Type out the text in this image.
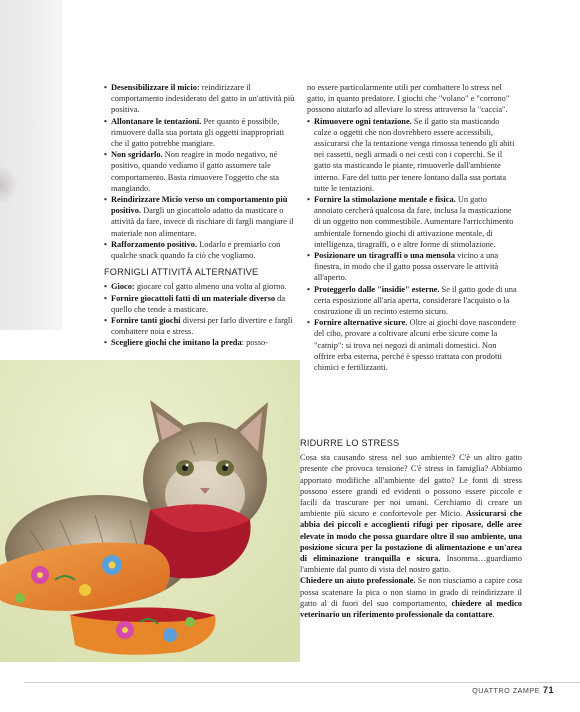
• Desensibilizzare il micio: reindirizzare il comportamento indesiderato del gatto in un'attività più positiva.
• Allontanare le tentazioni. Per quanto è possibile, rimuovere dalla sua portata gli oggetti inappropriati che il gatto potrebbe mangiare.
• Non sgridarlo. Non reagire in modo negativo, né positivo, quando vediamo il gatto assumere tale comportamento. Basta rimuovere l'oggetto che sta mangiando.
• Reindirizzare Micio verso un comportamento più positivo. Dargli un giocattolo adatto da masticare o attività da fare, invece di rischiare di fargli mangiare il materiale non alimentare.
• Rafforzamento positivo. Lodarlo e premiarlo con qualche snack quando fa ciò che vogliamo.
FORNIGLI ATTIVITÀ ALTERNATIVE
• Gioco: giocare col gatto almeno una volta al giorno.
• Fornire giocattoli fatti di un materiale diverso da quello che tende a masticare.
• Fornire tanti giochi diversi per farlo divertire e farglì combattere noia e stress.
• Scegliere giochi che imitano la preda: posso-
no essere particolarmente utili per combattere lo stress nel gatto, in quanto predatore. I giochi che "volano" e "corrono" possono aiutarlo ad alleviare lo stress attraverso la "caccia".
• Rimuovere ogni tentazione. Se il gatto sta masticando calze o oggetti che non dovrebbero essere accessibili, assicurarsi che la tentazione venga rimossa tenendo gli abiti nei cassetti, negli armadi o nei cesti con i coperchi. Se il gatto sta masticando le piante, rimuoverle dall'ambiente interno. Fare del tutto per tenere lontano dalla sua portata tutte le tentazioni.
• Fornire la stimolazione mentale e fisica. Un gatto annoiato cercherà qualcosa da fare, inclusa la masticazione di un oggetto non commestibile. Aumentare l'arricchimento ambientale fornendo giochi di attivazione mentale, di intelligenza, tiragraffi, o e altre forme di stimolazione.
• Posizionare un tiragraffi o una mensola vicino a una finestra, in modo che il gatto possa osservare le attività all'aperto.
• Proteggerlo dalle "insidie" esterne. Se il gatto gode di una certa esposizione all'aria aperta, considerare l'acquisto o la costruzione di un recinto esterno sicuro.
• Fornire alternative sicure. Oltre ai giochi dove nascondere del cibo, provare a coltivare alcuni erbe sicure come la "catnip": si trova nei negozi di animali domestici. Non offrire erba esterna, perché è spesso trattata con prodotti chimici e fertilizzanti.
RIDURRE LO STRESS

Cosa sta causando stress nel suo ambiente? C'è un altro gatto presente che provoca tensione? C'è stress in famiglia? Abbiamo apportato modifiche all'ambiente del gatto? Le fonti di stress possono essere grandi ed evidenti o possono essere piccole e facili da trascurare per noi umani. Cerchiamo di creare un ambiente più sicuro e confortevole per Micio. Assicurarsi che abbia dei piccoli e accoglienti rifugi per riposare, delle aree elevate in modo che possa guardare oltre il suo ambiente, una posizione sicura per la postazione di alimentazione e un'area di eliminazione tranquilla e sicura. Insomma…guardiamo l'ambiente dal punto di vista del nostro gatto.

Chiedere un aiuto professionale. Se non riusciamo a capire cosa possa scatenare la pica o non siamo in grado di reindirizzare il gatto al di fuori del suo comportamento, chiedere al medico veterinario un riferimento professionale da contattare.

QUATTRO ZAMPE 71
